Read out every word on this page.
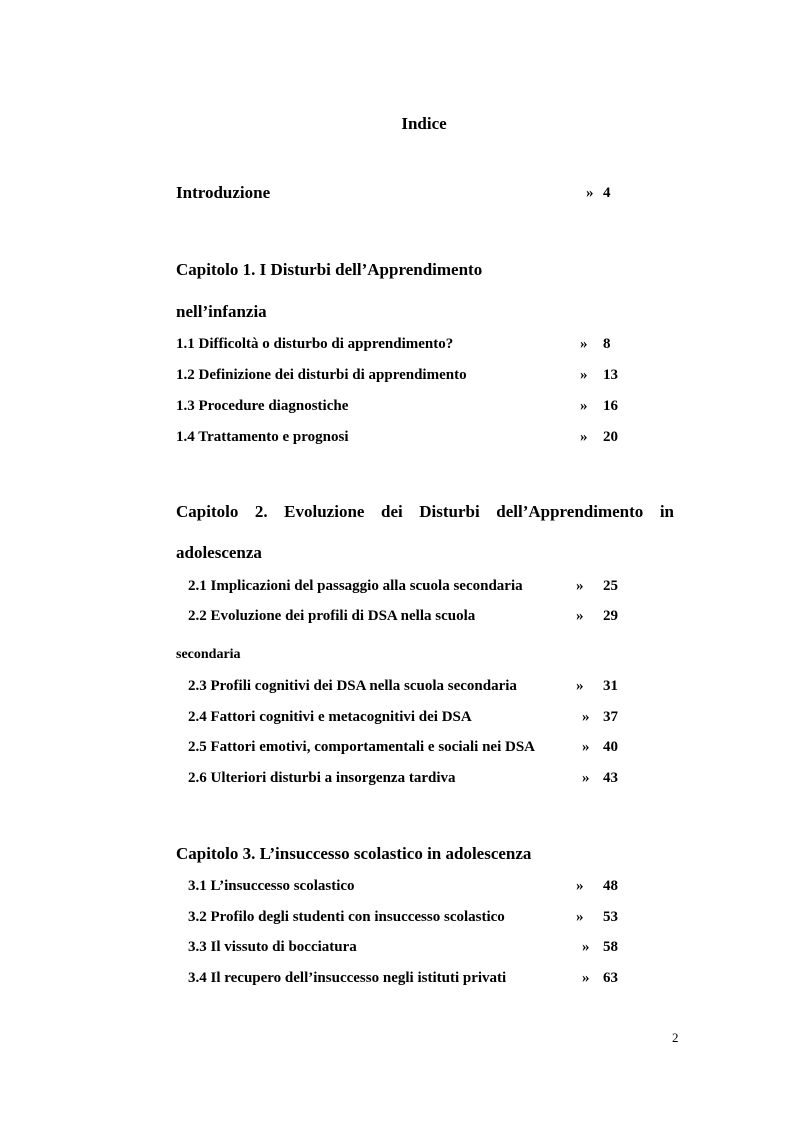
Indice
Introduzione	» 4
Capitolo 1. I Disturbi dell’Apprendimento
nell’infanzia
1.1 Difficoltà o disturbo di apprendimento?	» 8
1.2 Definizione dei disturbi di apprendimento	» 13
1.3 Procedure diagnostiche	» 16
1.4 Trattamento e prognosi	» 20
Capitolo 2. Evoluzione dei Disturbi dell’Apprendimento in
adolescenza
2.1 Implicazioni del passaggio alla scuola secondaria	» 25
2.2 Evoluzione dei profili di DSA nella scuola	» 29
secondaria
2.3 Profili cognitivi dei DSA nella scuola secondaria	» 31
2.4 Fattori cognitivi e metacognitivi dei DSA	» 37
2.5 Fattori emotivi, comportamentali e sociali nei DSA	» 40
2.6 Ulteriori disturbi a insorgenza tardiva	» 43
Capitolo 3. L’insuccesso scolastico in adolescenza
3.1 L’insuccesso scolastico	» 48
3.2 Profilo degli studenti con insuccesso scolastico	» 53
3.3 Il vissuto di bocciatura	» 58
3.4 Il recupero dell’insuccesso negli istituti privati	» 63
2
